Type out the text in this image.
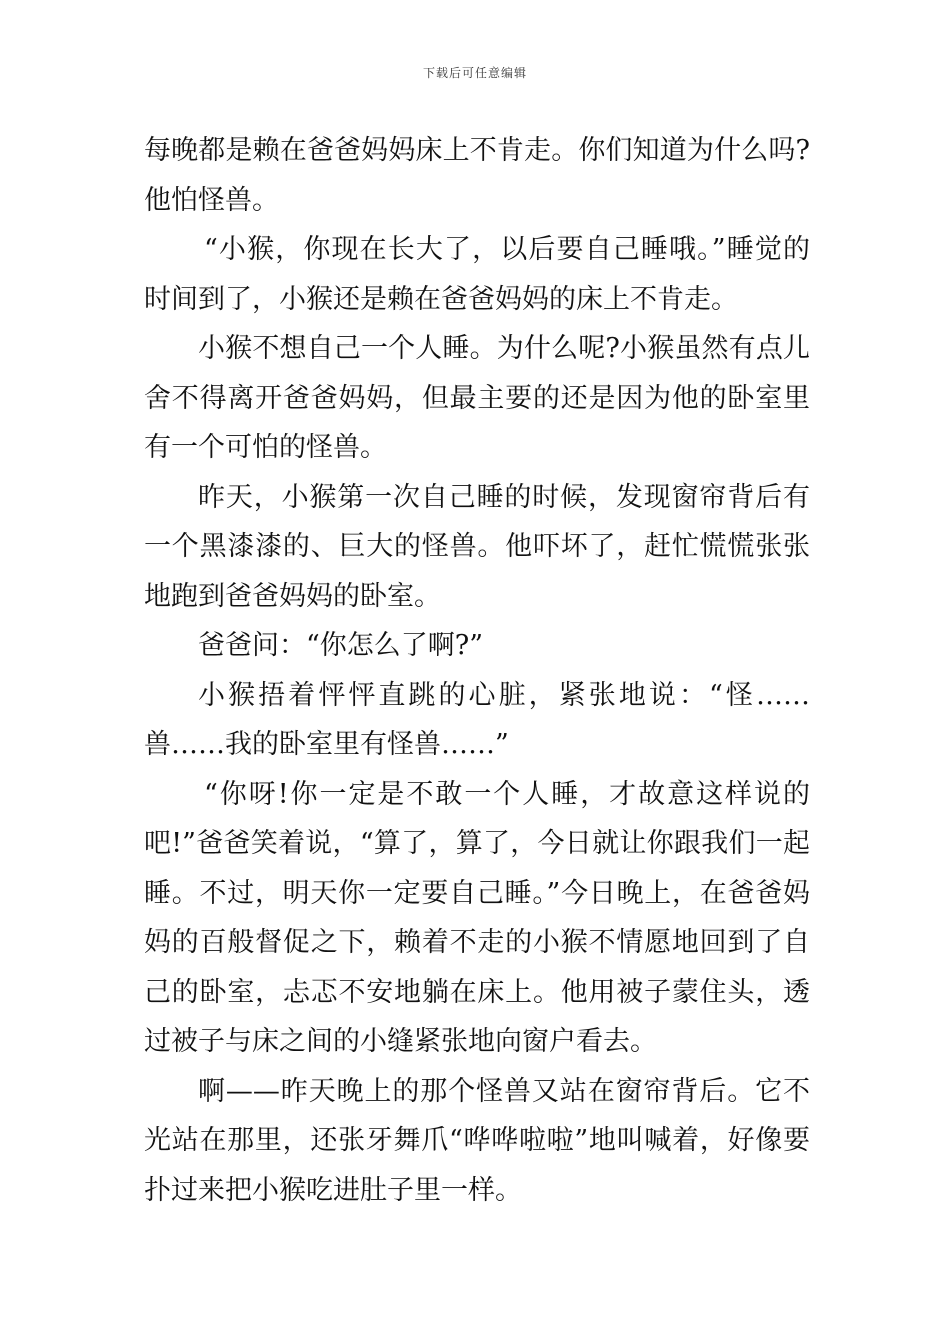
下载后可任意编辑

每晚都是赖在爸爸妈妈床上不肯走。你们知道为什么吗?他怕怪兽。

“小猴，你现在长大了，以后要自己睡哦。”睡觉的时间到了，小猴还是赖在爸爸妈妈的床上不肯走。

小猴不想自己一个人睡。为什么呢?小猴虽然有点儿舍不得离开爸爸妈妈，但最主要的还是因为他的卧室里有一个可怕的怪兽。

昨天，小猴第一次自己睡的时候，发现窗帘背后有一个黑漆漆的、巨大的怪兽。他吓坏了，赶忙慌慌张张地跑到爸爸妈妈的卧室。

爸爸问：“你怎么了啊?”

小猴捂着怦怦直跳的心脏，紧张地说：“怪……兽……我的卧室里有怪兽……”

“你呀!你一定是不敢一个人睡，才故意这样说的吧!”爸爸笑着说，“算了，算了，今日就让你跟我们一起睡。不过，明天你一定要自己睡。”今日晚上，在爸爸妈妈的百般督促之下，赖着不走的小猴不情愿地回到了自己的卧室，忐忑不安地躺在床上。他用被子蒙住头，透过被子与床之间的小缝紧张地向窗户看去。

啊——昨天晚上的那个怪兽又站在窗帘背后。它不光站在那里，还张牙舞爪“哗哗啦啦”地叫喊着，好像要扑过来把小猴吃进肚子里一样。
